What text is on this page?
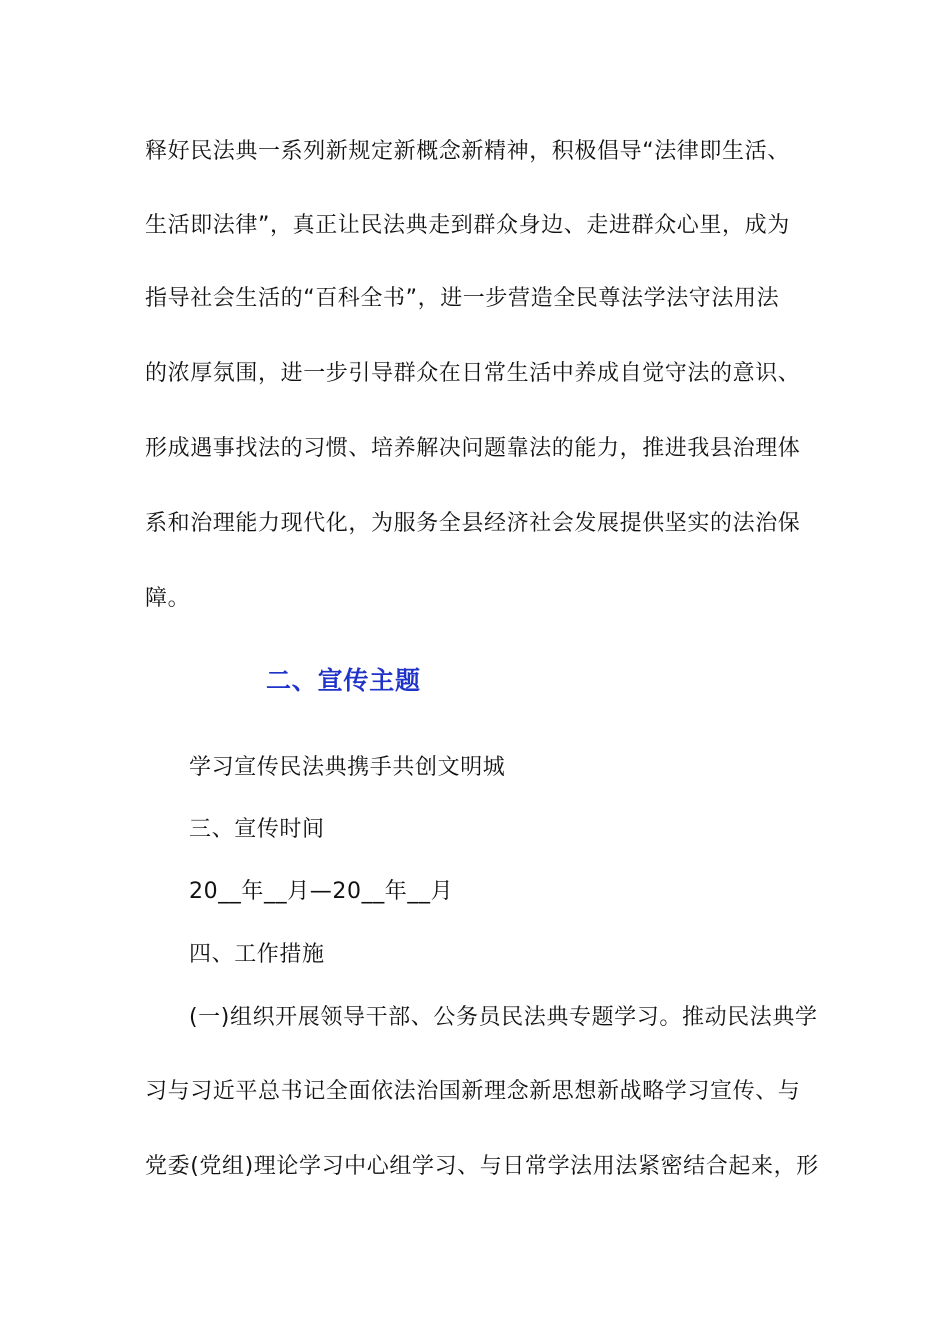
释好民法典一系列新规定新概念新精神，积极倡导“法律即生活、
生活即法律”，真正让民法典走到群众身边、走进群众心里，成为
指导社会生活的“百科全书”，进一步营造全民尊法学法守法用法
的浓厚氛围，进一步引导群众在日常生活中养成自觉守法的意识、
形成遇事找法的习惯、培养解决问题靠法的能力，推进我县治理体
系和治理能力现代化，为服务全县经济社会发展提供坚实的法治保
障。
二、宣传主题
学习宣传民法典携手共创文明城
三、宣传时间
20__年__月—20__年__月
四、工作措施
(一)组织开展领导干部、公务员民法典专题学习。推动民法典学
习与习近平总书记全面依法治国新理念新思想新战略学习宣传、与
党委(党组)理论学习中心组学习、与日常学法用法紧密结合起来，形
